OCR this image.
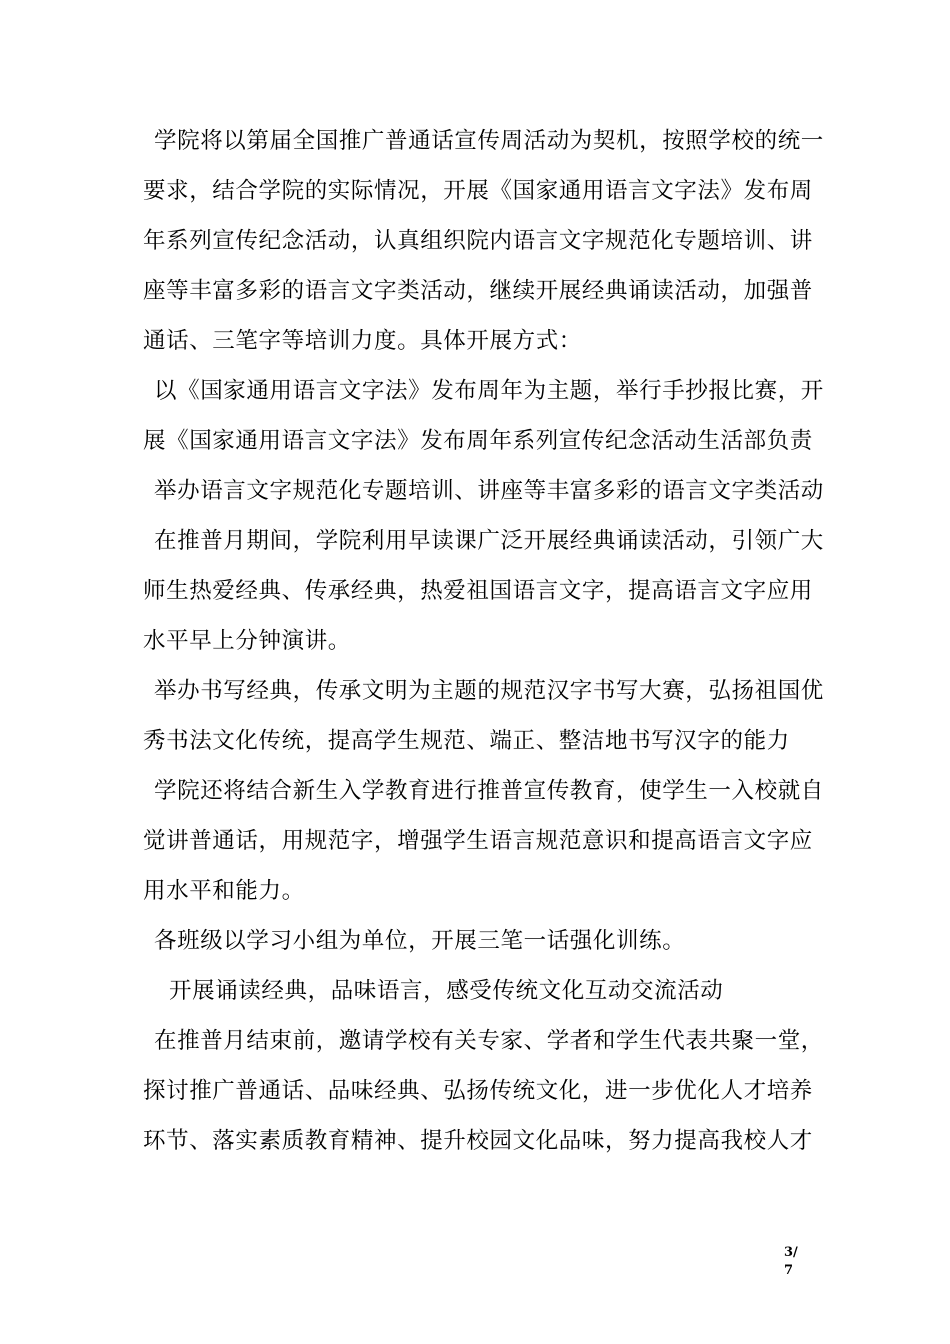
学院将以第届全国推广普通话宣传周活动为契机，按照学校的统一
要求，结合学院的实际情况，开展《国家通用语言文字法》发布周
年系列宣传纪念活动，认真组织院内语言文字规范化专题培训、讲
座等丰富多彩的语言文字类活动，继续开展经典诵读活动，加强普
通话、三笔字等培训力度。具体开展方式：
以《国家通用语言文字法》发布周年为主题，举行手抄报比赛，开
展《国家通用语言文字法》发布周年系列宣传纪念活动生活部负责
举办语言文字规范化专题培训、讲座等丰富多彩的语言文字类活动
在推普月期间，学院利用早读课广泛开展经典诵读活动，引领广大
师生热爱经典、传承经典，热爱祖国语言文字，提高语言文字应用
水平早上分钟演讲。
举办书写经典，传承文明为主题的规范汉字书写大赛，弘扬祖国优
秀书法文化传统，提高学生规范、端正、整洁地书写汉字的能力
学院还将结合新生入学教育进行推普宣传教育，使学生一入校就自
觉讲普通话，用规范字，增强学生语言规范意识和提高语言文字应
用水平和能力。
各班级以学习小组为单位，开展三笔一话强化训练。
开展诵读经典，品味语言，感受传统文化互动交流活动
在推普月结束前，邀请学校有关专家、学者和学生代表共聚一堂，
探讨推广普通话、品味经典、弘扬传统文化，进一步优化人才培养
环节、落实素质教育精神、提升校园文化品味，努力提高我校人才
3/
7
